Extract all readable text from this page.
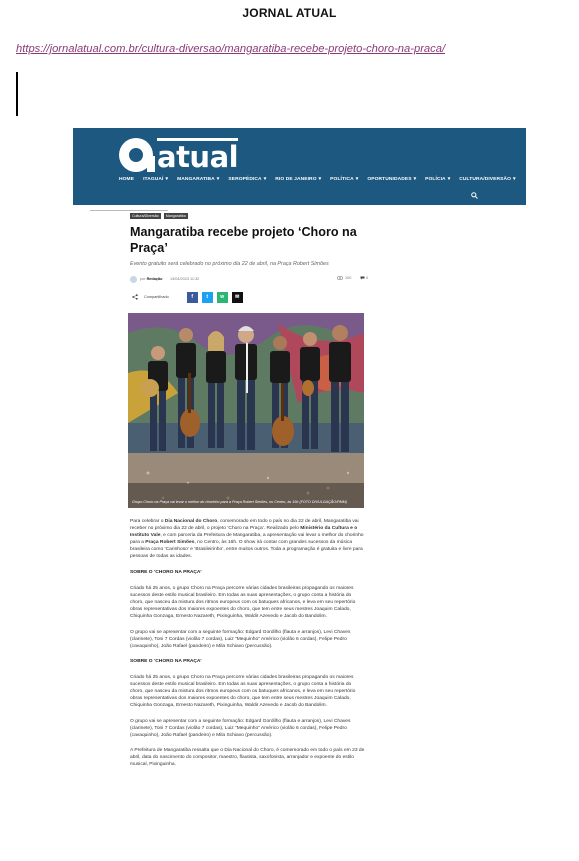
JORNAL ATUAL
https://jornalatual.com.br/cultura-diversao/mangaratiba-recebe-projeto-choro-na-praca/
atual
HOME ITAGUAÍ ▾ MANGARATIBA ▾ SEROPÉDICA ▾ RIO DE JANEIRO ▾ POLÍTICA ▾ OPORTUNIDADES ▾ POLÍCIA ▾ CULTURA/DIVERSÃO ▾
Cultura/Diversão	Mangaratiba
Mangaratiba recebe projeto ‘Choro na Praça’
Evento gratuito será celebrado no próximo dia 22 de abril, na Praça Robert Simões
por Redação 13/04/2023 11:32	100	0
Compartilhado	f	t w ✉
Grupo Choro na Praça vai levar o melhor do chorinho para a Praça Robert Simões, no Centro, às 16h (FOTO DIVULGAÇÃO/PMM)

Para celebrar o Dia Nacional do Choro, comemorado em todo o país no dia 22 de abril, Mangaratiba vai receber no próximo dia 22 de abril, o projeto ‘Choro na Praça’. Realizado pelo Ministério da Cultura e o Instituto Vale, e com parceria da Prefeitura de Mangaratiba, a apresentação vai levar o melhor do chorinho para a Praça Robert Simões, no Centro, às 16h. O show irá contar com grandes sucessos da música brasileira como ‘Carinhoso’ e ‘Brasileirinho’, entre muitos outros. Toda a programação é gratuita e livre para pessoas de todas as idades.

SOBRE O ‘CHORO NA PRAÇA’

Criado há 25 anos, o grupo Choro na Praça percorre várias cidades brasileiras propagando os maiores sucessos deste estilo musical brasileiro. Em todas as suas apresentações, o grupo conta a história do choro, que nasceu da mistura dos ritmos europeus com os batuques africanos, e leva em seu repertório obras representativas dos maiores expoentes do choro, que tem entre seus mestres Joaquim Calado, Chiquinha Gonzaga, Ernesto Nazareth, Pixinguinha, Waldir Azevedo e Jacob do Bandolim.

O grupo vai se apresentar com a seguinte formação: Edgard Gordilho (flauta e arranjos), Levi Chaves (clarinete), Toni 7 Cordas (violão 7 cordas), Luiz “Mequinho” Américo (violão 6 cordas), Felipe Pedro (cavaquinho), João Rafael (pandeiro) e Mila Schiavo (percussão).

SOBRE O ‘CHORO NA PRAÇA’

Criado há 25 anos, o grupo Choro na Praça percorre várias cidades brasileiras propagando os maiores sucessos deste estilo musical brasileiro. Em todas as suas apresentações, o grupo conta a história do choro, que nasceu da mistura dos ritmos europeus com os batuques africanos, e leva em seu repertório obras representativas dos maiores expoentes do choro, que tem entre seus mestres Joaquim Calado, Chiquinha Gonzaga, Ernesto Nazareth, Pixinguinha, Waldir Azevedo e Jacob do Bandolim.

O grupo vai se apresentar com a seguinte formação: Edgard Gordilho (flauta e arranjos), Levi Chaves (clarinete), Toni 7 Cordas (violão 7 cordas), Luiz “Mequinho” Américo (violão 6 cordas), Felipe Pedro (cavaquinho), João Rafael (pandeiro) e Mila Schiavo (percussão).

A Prefeitura de Mangaratiba ressalta que o Dia Nacional do Choro, é comemorado em todo o país em 23 de abril, data do nascimento do compositor, maestro, flautista, saxofonista, arranjador e expoente do estilo musical, Pixinguinha.
